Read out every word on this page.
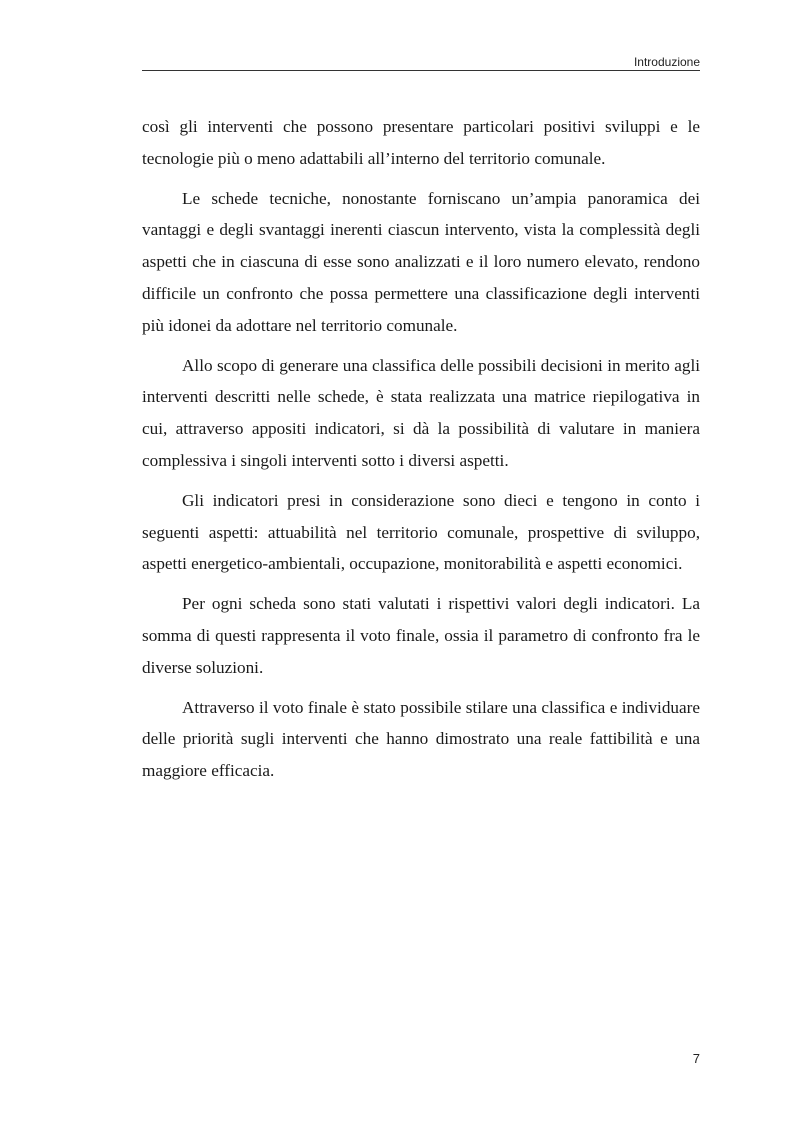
Introduzione

così gli interventi che possono presentare particolari positivi sviluppi e le tecnologie più o meno adattabili all’interno del territorio comunale.

Le schede tecniche, nonostante forniscano un’ampia panoramica dei vantaggi e degli svantaggi inerenti ciascun intervento, vista la complessità degli aspetti che in ciascuna di esse sono analizzati e il loro numero elevato, rendono difficile un confronto che possa permettere una classificazione degli interventi più idonei da adottare nel territorio comunale.

Allo scopo di generare una classifica delle possibili decisioni in merito agli interventi descritti nelle schede, è stata realizzata una matrice riepilogativa in cui, attraverso appositi indicatori, si dà la possibilità di valutare in maniera complessiva i singoli interventi sotto i diversi aspetti.

Gli indicatori presi in considerazione sono dieci e tengono in conto i seguenti aspetti: attuabilità nel territorio comunale, prospettive di sviluppo, aspetti energetico-ambientali, occupazione, monitorabilità e aspetti economici.

Per ogni scheda sono stati valutati i rispettivi valori degli indicatori. La somma di questi rappresenta il voto finale, ossia il parametro di confronto fra le diverse soluzioni.

Attraverso il voto finale è stato possibile stilare una classifica e individuare delle priorità sugli interventi che hanno dimostrato una reale fattibilità e una maggiore efficacia.

7
